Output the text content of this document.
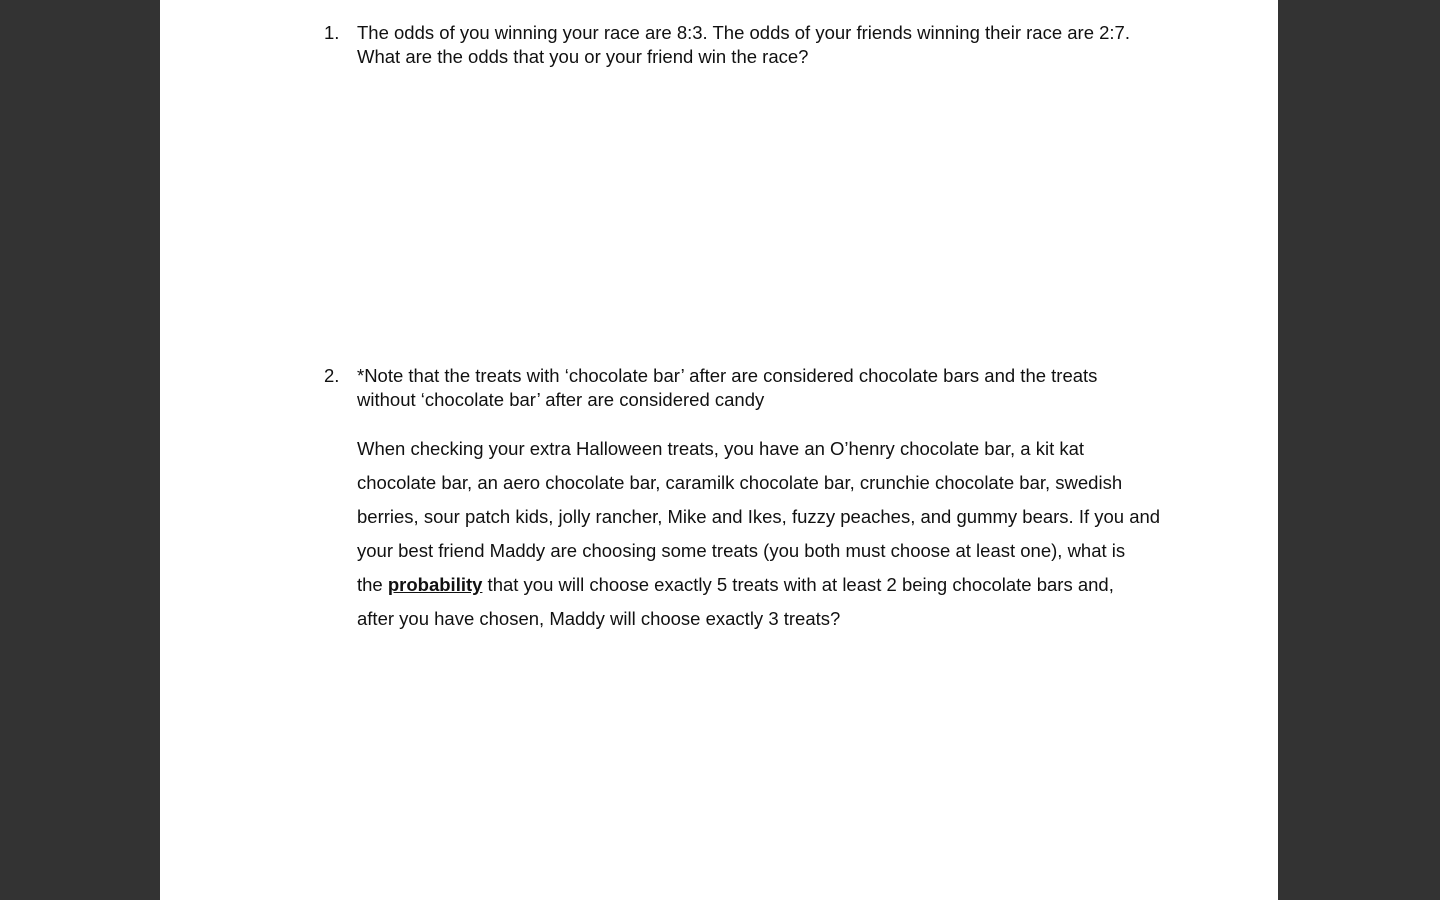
1. The odds of you winning your race are 8:3. The odds of your friends winning their race are 2:7.
What are the odds that you or your friend win the race?
2. *Note that the treats with ‘chocolate bar’ after are considered chocolate bars and the treats
without ‘chocolate bar’ after are considered candy
When checking your extra Halloween treats, you have an O’henry chocolate bar, a kit kat
chocolate bar, an aero chocolate bar, caramilk chocolate bar, crunchie chocolate bar, swedish
berries, sour patch kids, jolly rancher, Mike and Ikes, fuzzy peaches, and gummy bears. If you and
your best friend Maddy are choosing some treats (you both must choose at least one), what is
the probability that you will choose exactly 5 treats with at least 2 being chocolate bars and,
after you have chosen, Maddy will choose exactly 3 treats?
